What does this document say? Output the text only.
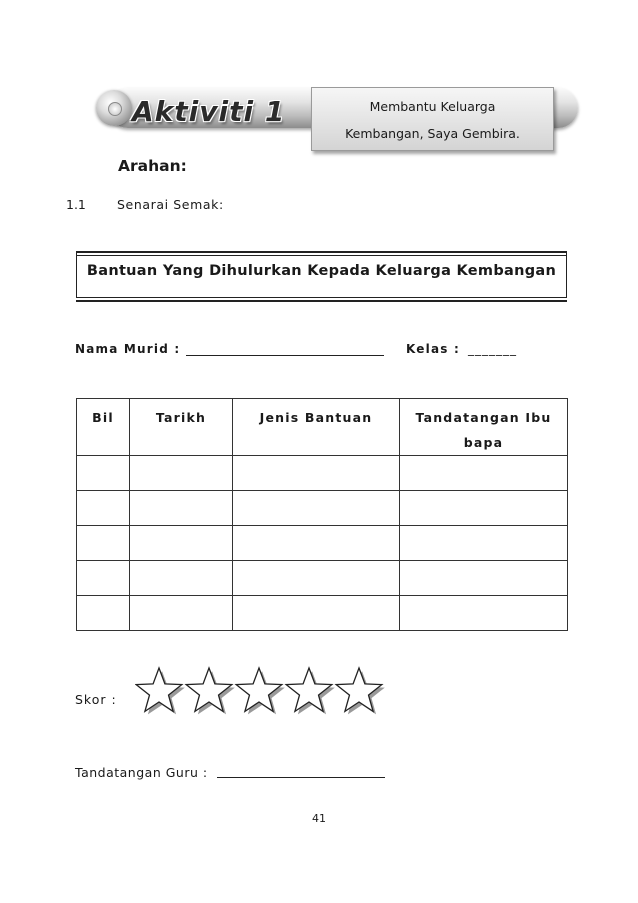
Aktiviti 1	Membantu Keluarga
Kembangan, Saya Gembira.
Arahan:
1.1 Senarai Semak:
Bantuan Yang Dihulurkan Kepada Keluarga Kembangan
Nama Murid :	Kelas : _______
Bil	Tarikh	Jenis Bantuan	Tandatangan Ibu bapa

Skor :
Tandatangan Guru :
41
